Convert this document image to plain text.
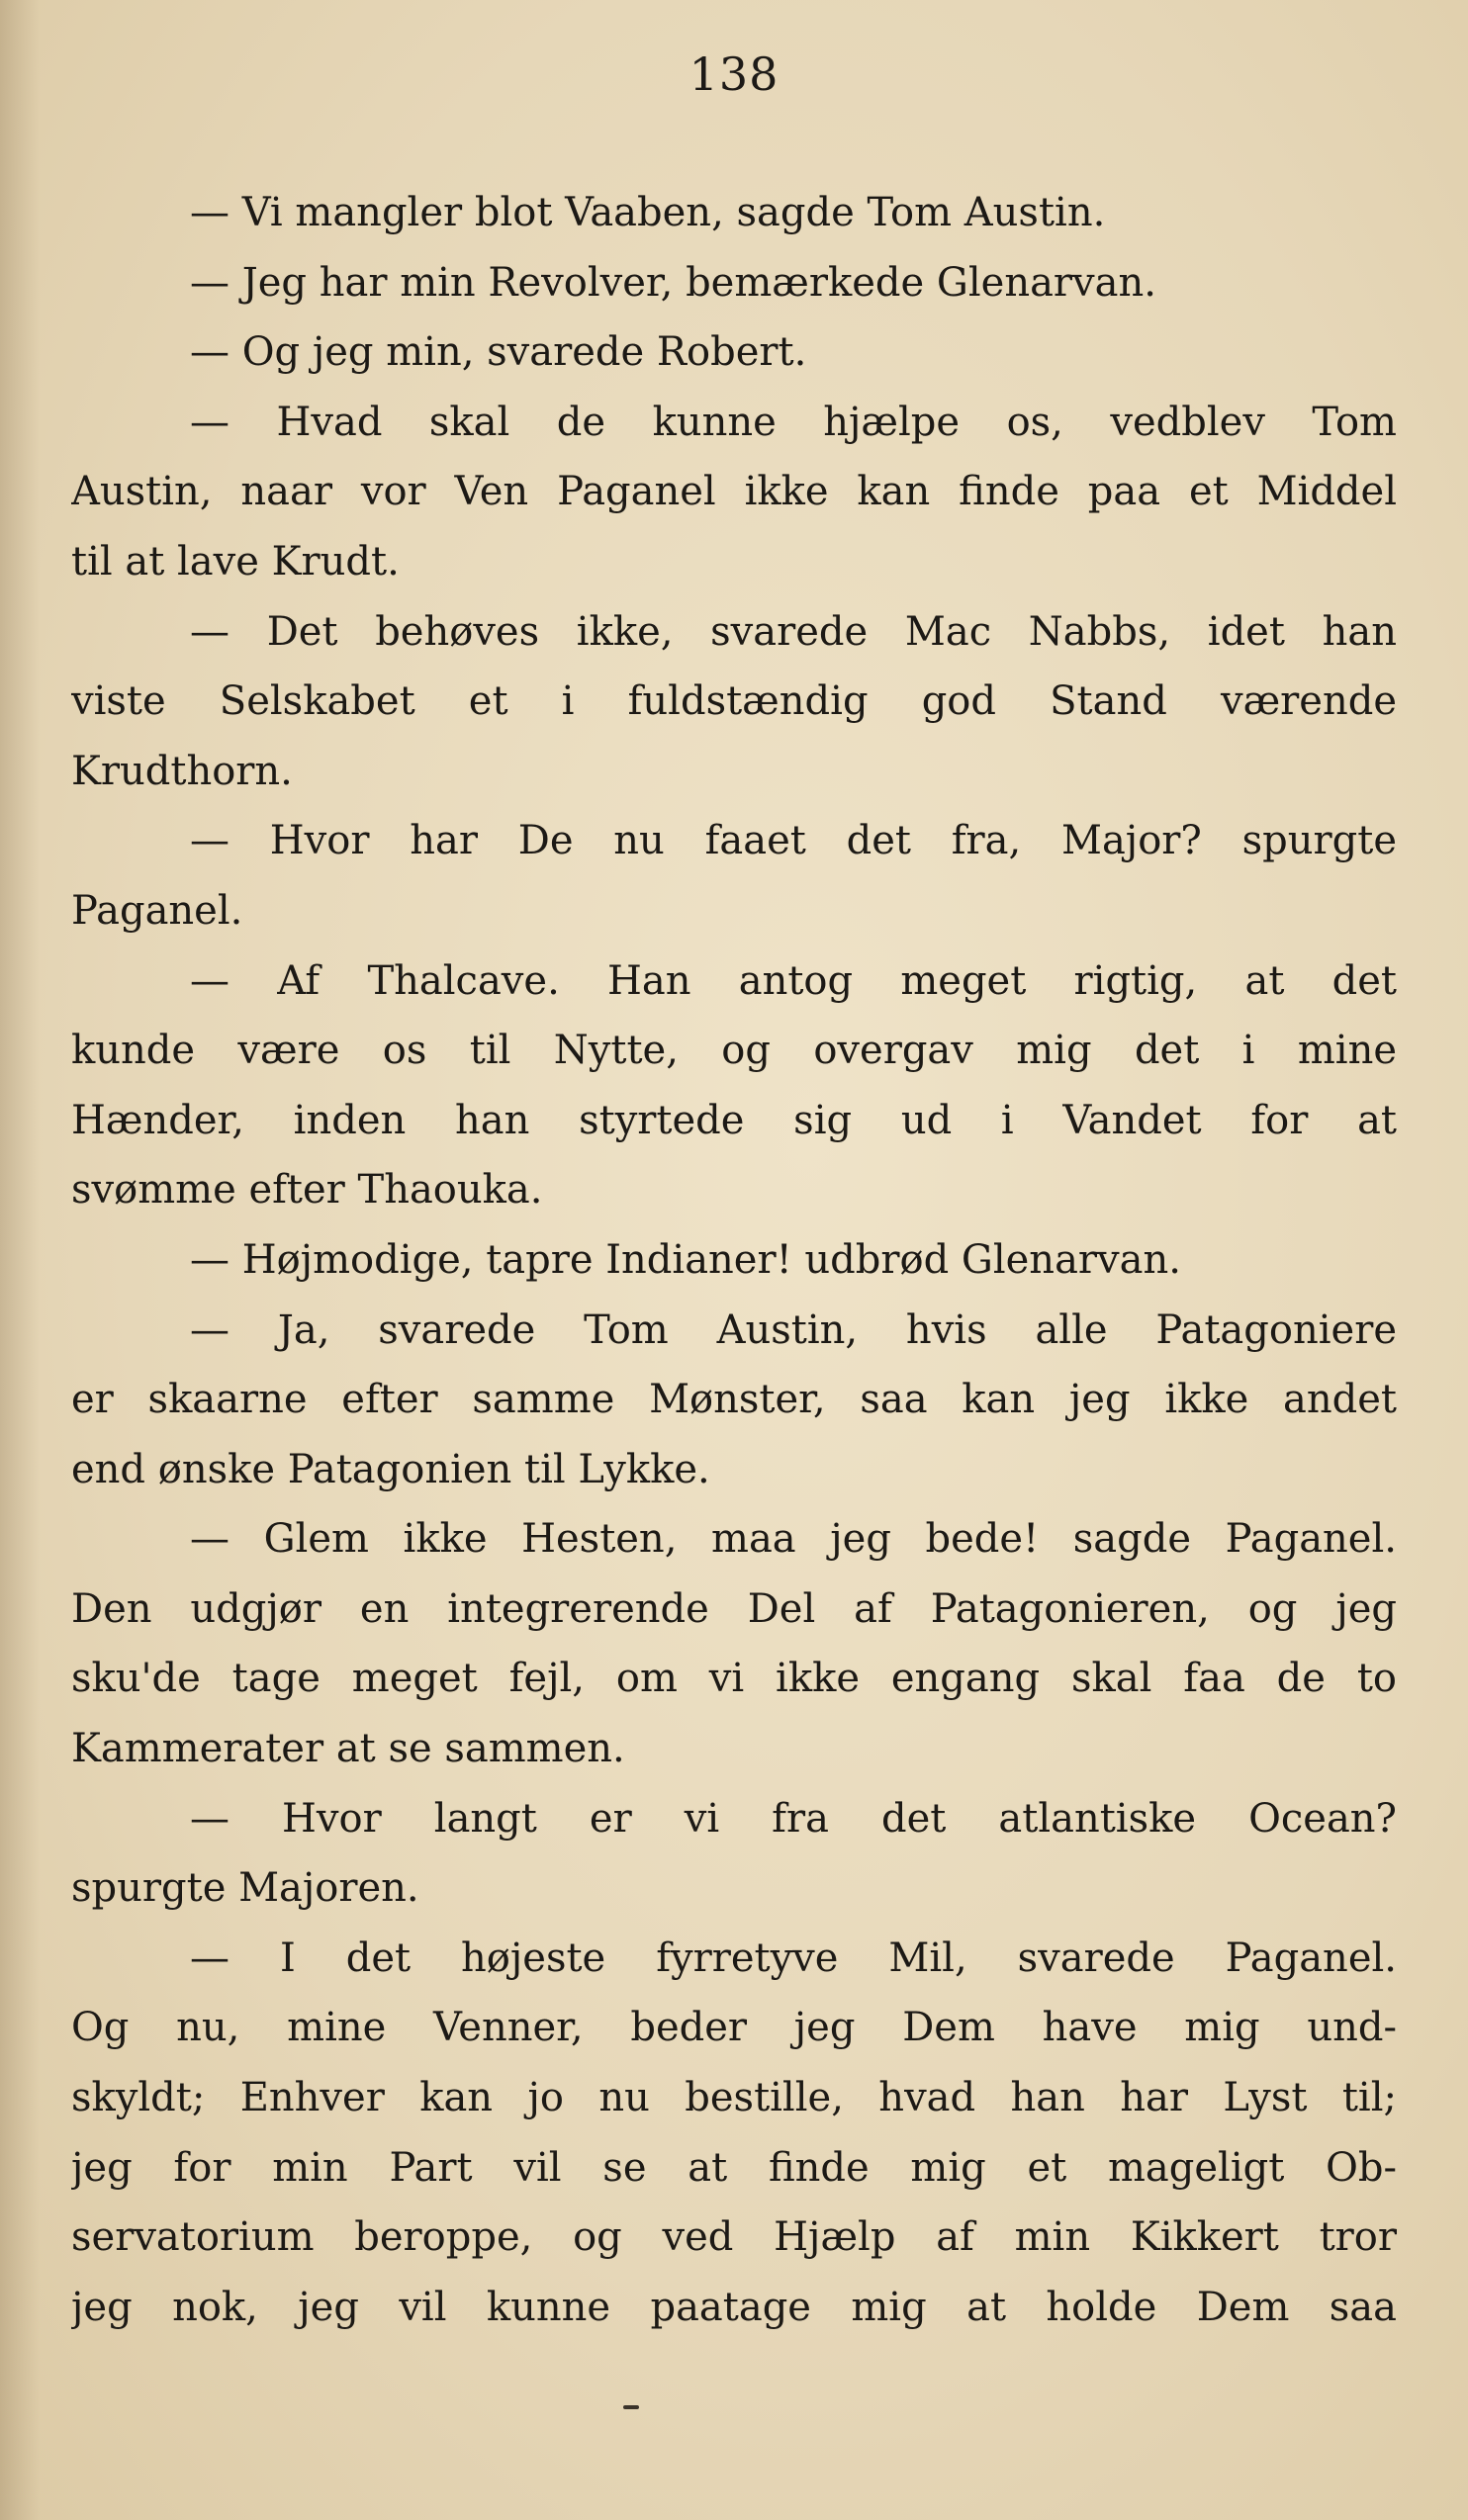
138
— Vi mangler blot Vaaben, sagde Tom Austin.
— Jeg har min Revolver, bemærkede Glenarvan.
— Og jeg min, svarede Robert.
— Hvad skal de kunne hjælpe os, vedblev Tom
Austin, naar vor Ven Paganel ikke kan finde paa et Middel
til at lave Krudt.
— Det behøves ikke, svarede Mac Nabbs, idet han
viste Selskabet et i fuldstændig god Stand værende
Krudthorn.
— Hvor har De nu faaet det fra, Major? spurgte
Paganel.
— Af Thalcave. Han antog meget rigtig, at det
kunde være os til Nytte, og overgav mig det i mine
Hænder, inden han styrtede sig ud i Vandet for at
svømme efter Thaouka.
— Højmodige, tapre Indianer! udbrød Glenarvan.
— Ja, svarede Tom Austin, hvis alle Patagoniere
er skaarne efter samme Mønster, saa kan jeg ikke andet
end ønske Patagonien til Lykke.
— Glem ikke Hesten, maa jeg bede! sagde Paganel.
Den udgjør en integrerende Del af Patagonieren, og jeg
sku'de tage meget fejl, om vi ikke engang skal faa de to
Kammerater at se sammen.
— Hvor langt er vi fra det atlantiske Ocean?
spurgte Majoren.
— I det højeste fyrretyve Mil, svarede Paganel.
Og nu, mine Venner, beder jeg Dem have mig und-
skyldt; Enhver kan jo nu bestille, hvad han har Lyst til;
jeg for min Part vil se at finde mig et mageligt Ob-
servatorium beroppe, og ved Hjælp af min Kikkert tror
jeg nok, jeg vil kunne paatage mig at holde Dem saa
